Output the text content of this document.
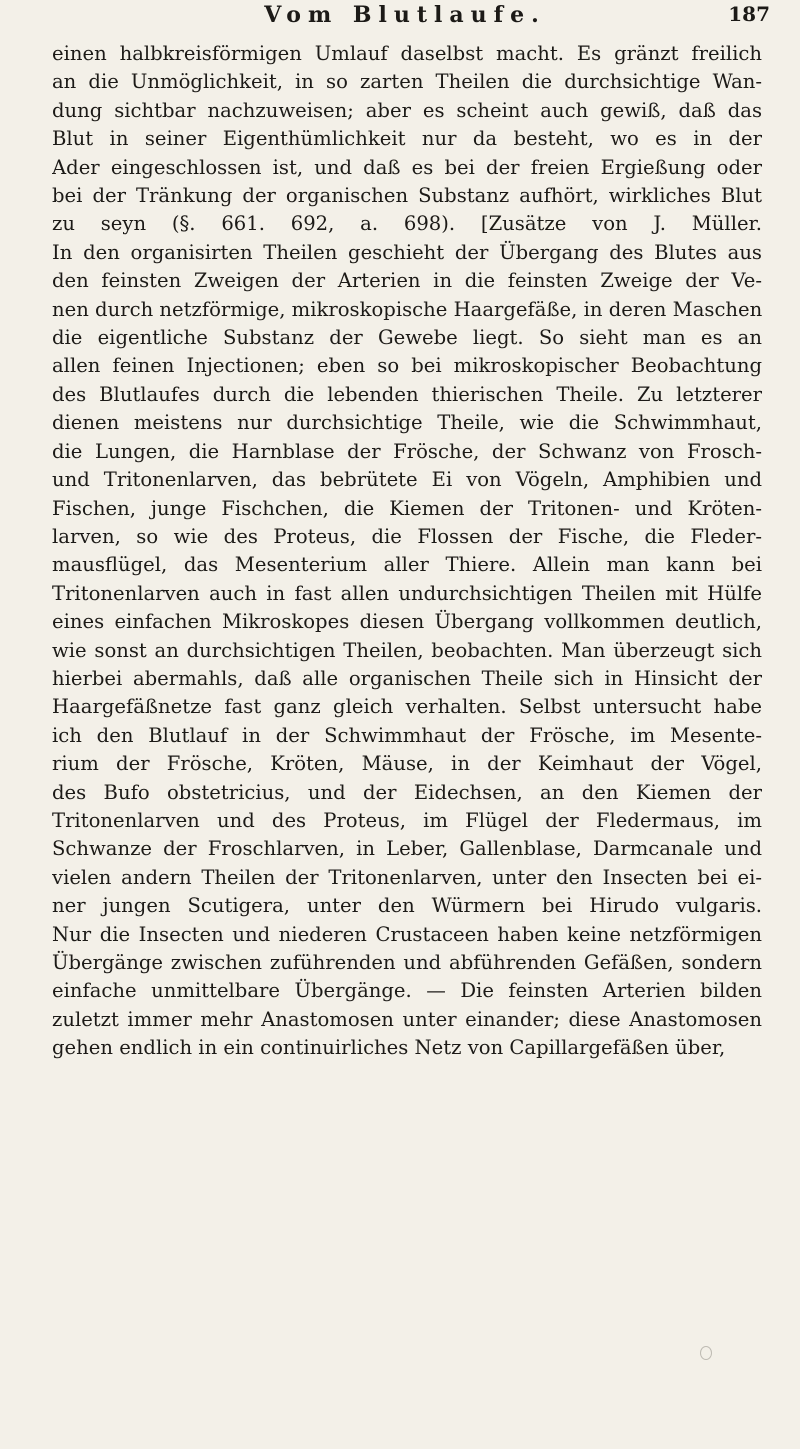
Vom Blutlaufe.	187
einen halbkreisförmigen Umlauf daselbst macht. Es gränzt freilich
an die Unmöglichkeit, in so zarten Theilen die durchsichtige Wan-
dung sichtbar nachzuweisen; aber es scheint auch gewiß, daß das
Blut in seiner Eigenthümlichkeit nur da besteht, wo es in der
Ader eingeschlossen ist, und daß es bei der freien Ergießung oder
bei der Tränkung der organischen Substanz aufhört, wirkliches Blut
zu seyn (§. 661. 692, a. 698). [Zusätze von J. Müller.
In den organisirten Theilen geschieht der Übergang des Blutes aus
den feinsten Zweigen der Arterien in die feinsten Zweige der Ve-
nen durch netzförmige, mikroskopische Haargefäße, in deren Maschen
die eigentliche Substanz der Gewebe liegt. So sieht man es an
allen feinen Injectionen; eben so bei mikroskopischer Beobachtung
des Blutlaufes durch die lebenden thierischen Theile. Zu letzterer
dienen meistens nur durchsichtige Theile, wie die Schwimmhaut,
die Lungen, die Harnblase der Frösche, der Schwanz von Frosch-
und Tritonenlarven, das bebrütete Ei von Vögeln, Amphibien und
Fischen, junge Fischchen, die Kiemen der Tritonen- und Kröten-
larven, so wie des Proteus, die Flossen der Fische, die Fleder-
mausflügel, das Mesenterium aller Thiere. Allein man kann bei
Tritonenlarven auch in fast allen undurchsichtigen Theilen mit Hülfe
eines einfachen Mikroskopes diesen Übergang vollkommen deutlich,
wie sonst an durchsichtigen Theilen, beobachten. Man überzeugt sich
hierbei abermahls, daß alle organischen Theile sich in Hinsicht der
Haargefäßnetze fast ganz gleich verhalten. Selbst untersucht habe
ich den Blutlauf in der Schwimmhaut der Frösche, im Mesente-
rium der Frösche, Kröten, Mäuse, in der Keimhaut der Vögel,
des Bufo obstetricius, und der Eidechsen, an den Kiemen der
Tritonenlarven und des Proteus, im Flügel der Fledermaus, im
Schwanze der Froschlarven, in Leber, Gallenblase, Darmcanale und
vielen andern Theilen der Tritonenlarven, unter den Insecten bei ei-
ner jungen Scutigera, unter den Würmern bei Hirudo vulgaris.
Nur die Insecten und niederen Crustaceen haben keine netzförmigen
Übergänge zwischen zuführenden und abführenden Gefäßen, sondern
einfache unmittelbare Übergänge. — Die feinsten Arterien bilden
zuletzt immer mehr Anastomosen unter einander; diese Anastomosen
gehen endlich in ein continuirliches Netz von Capillargefäßen über,
